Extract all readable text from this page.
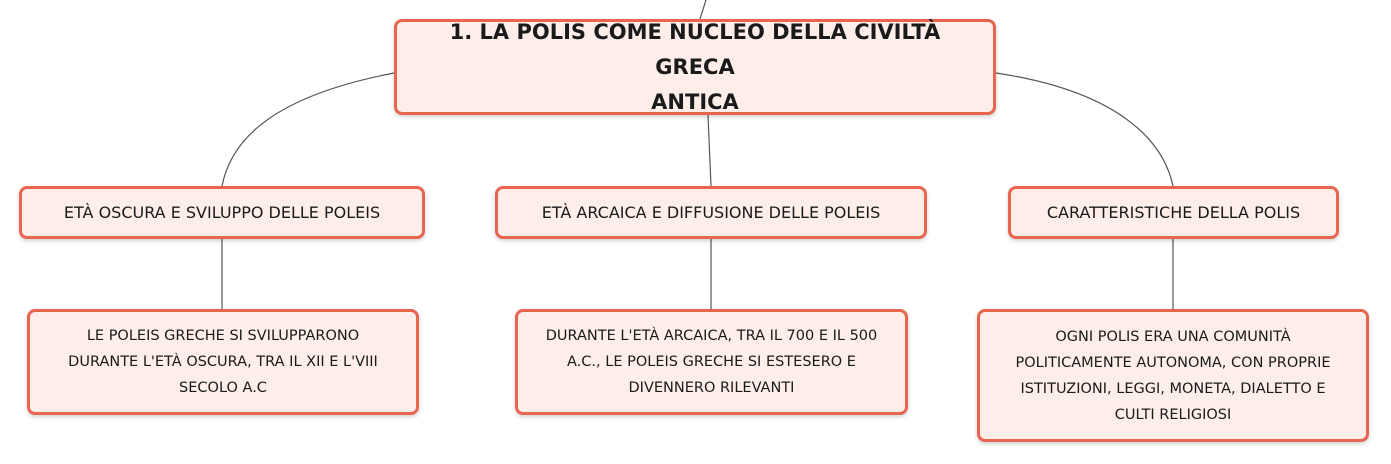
1. LA POLIS COME NUCLEO DELLA CIVILTÀ GRECA
ANTICA
ETÀ OSCURA E SVILUPPO DELLE POLEIS	ETÀ ARCAICA E DIFFUSIONE DELLE POLEIS	CARATTERISTICHE DELLA POLIS
LE POLEIS GRECHE SI SVILUPPARONO
DURANTE L'ETÀ OSCURA, TRA IL XII E L'VIII
SECOLO A.C
DURANTE L'ETÀ ARCAICA, TRA IL 700 E IL 500
A.C., LE POLEIS GRECHE SI ESTESERO E
DIVENNERO RILEVANTI
OGNI POLIS ERA UNA COMUNITÀ
POLITICAMENTE AUTONOMA, CON PROPRIE
ISTITUZIONI, LEGGI, MONETA, DIALETTO E
CULTI RELIGIOSI
